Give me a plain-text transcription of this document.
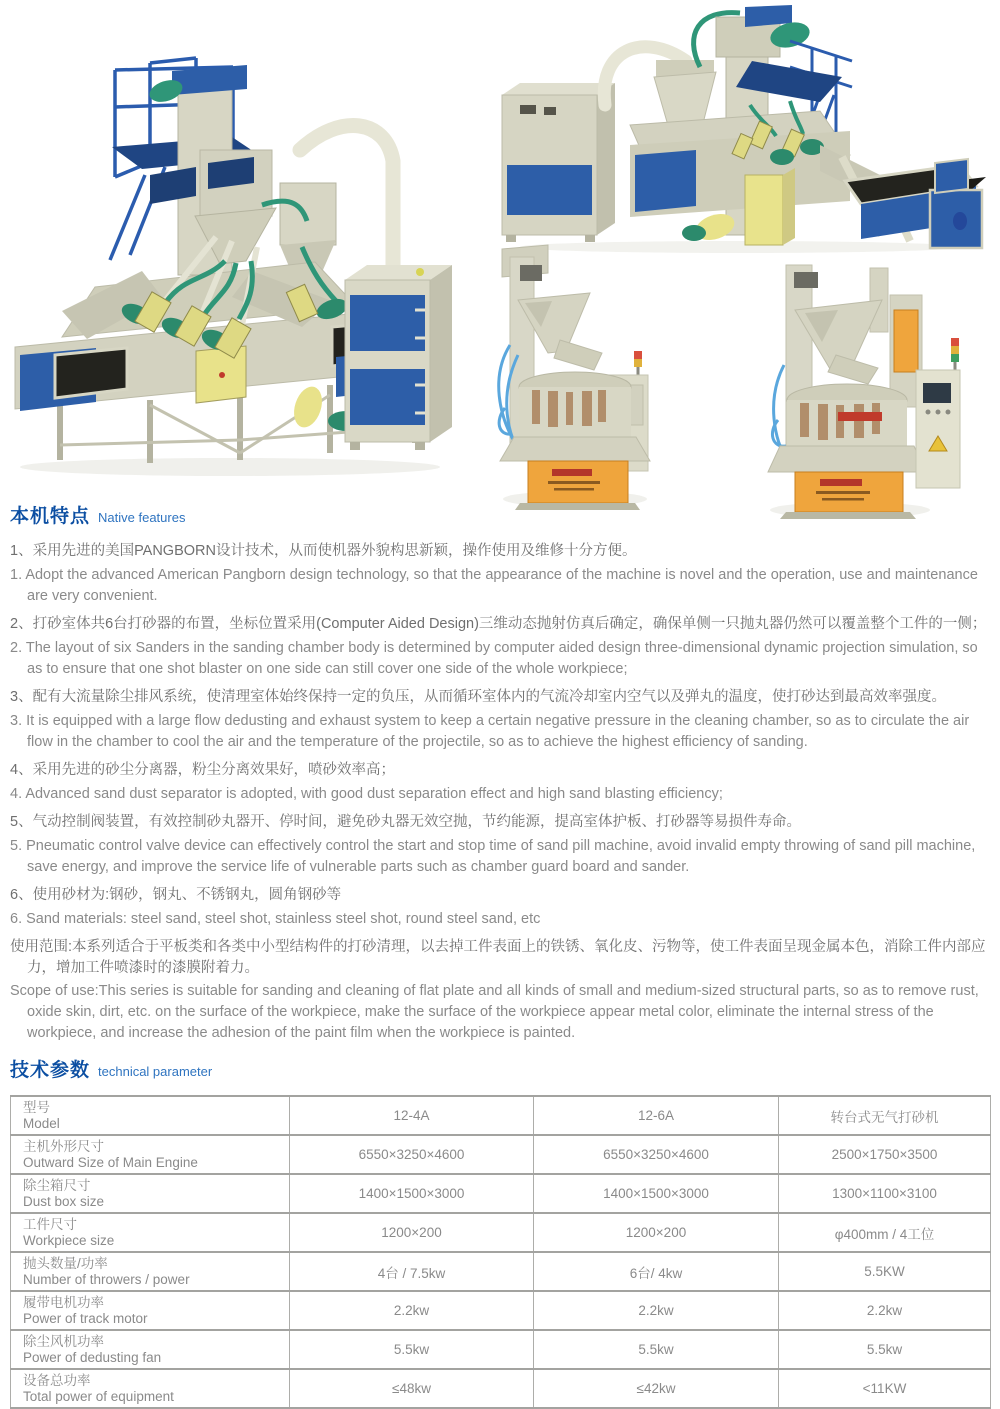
本机特点 Native features

1、采用先进的美国PANGBORN设计技术，从而使机器外貌构思新颖，操作使用及维修十分方便。

1. Adopt the advanced American Pangborn design technology, so that the appearance of the machine is novel and the operation, use and maintenance are very convenient.

2、打砂室体共6台打砂器的布置，坐标位置采用(Computer Aided Design)三维动态抛射仿真后确定，确保单侧一只抛丸器仍然可以覆盖整个工件的一侧；

2. The layout of six Sanders in the sanding chamber body is determined by computer aided design three-dimensional dynamic projection simulation, so as to ensure that one shot blaster on one side can still cover one side of the whole workpiece;

3、配有大流量除尘排风系统，使清理室体始终保持一定的负压，从而循环室体内的气流冷却室内空气以及弹丸的温度，使打砂达到最高效率强度。

3. It is equipped with a large flow dedusting and exhaust system to keep a certain negative pressure in the cleaning chamber, so as to circulate the air flow in the chamber to cool the air and the temperature of the projectile, so as to achieve the highest efficiency of sanding.

4、采用先进的砂尘分离器，粉尘分离效果好，喷砂效率高；

4. Advanced sand dust separator is adopted, with good dust separation effect and high sand blasting efficiency;

5、气动控制阀装置，有效控制砂丸器开、停时间，避免砂丸器无效空抛，节约能源，提高室体护板、打砂器等易损件寿命。

5. Pneumatic control valve device can effectively control the start and stop time of sand pill machine, avoid invalid empty throwing of sand pill machine, save energy, and improve the service life of vulnerable parts such as chamber guard board and sander.

6、使用砂材为:钢砂，钢丸、不锈钢丸，圆角钢砂等

6. Sand materials: steel sand, steel shot, stainless steel shot, round steel sand, etc

使用范围:本系列适合于平板类和各类中小型结构件的打砂清理，以去掉工件表面上的铁锈、氧化皮、污物等，使工件表面呈现金属本色，消除工件内部应力，增加工件喷漆时的漆膜附着力。

Scope of use:This series is suitable for sanding and cleaning of flat plate and all kinds of small and medium-sized structural parts, so as to remove rust, oxide skin, dirt, etc. on the surface of the workpiece, make the surface of the workpiece appear metal color, eliminate the internal stress of the workpiece, and increase the adhesion of the paint film when the workpiece is painted.

技术参数 technical parameter
型号
Model	12-4A	12-6A	转台式无气打砂机

主机外形尺寸
Outward Size of Main Engine	6550×3250×4600	6550×3250×4600	2500×1750×3500

除尘箱尺寸
Dust box size	1400×1500×3000	1400×1500×3000	1300×1100×3100

工件尺寸
Workpiece size	1200×200	1200×200	φ400mm / 4工位

抛头数量/功率
Number of throwers / power	4台 / 7.5kw	6台/ 4kw	5.5KW

履带电机功率
Power of track motor	2.2kw	2.2kw	2.2kw

除尘风机功率
Power of dedusting fan	5.5kw	5.5kw	5.5kw

设备总功率
Total power of equipment	≤48kw	≤42kw	<11KW
